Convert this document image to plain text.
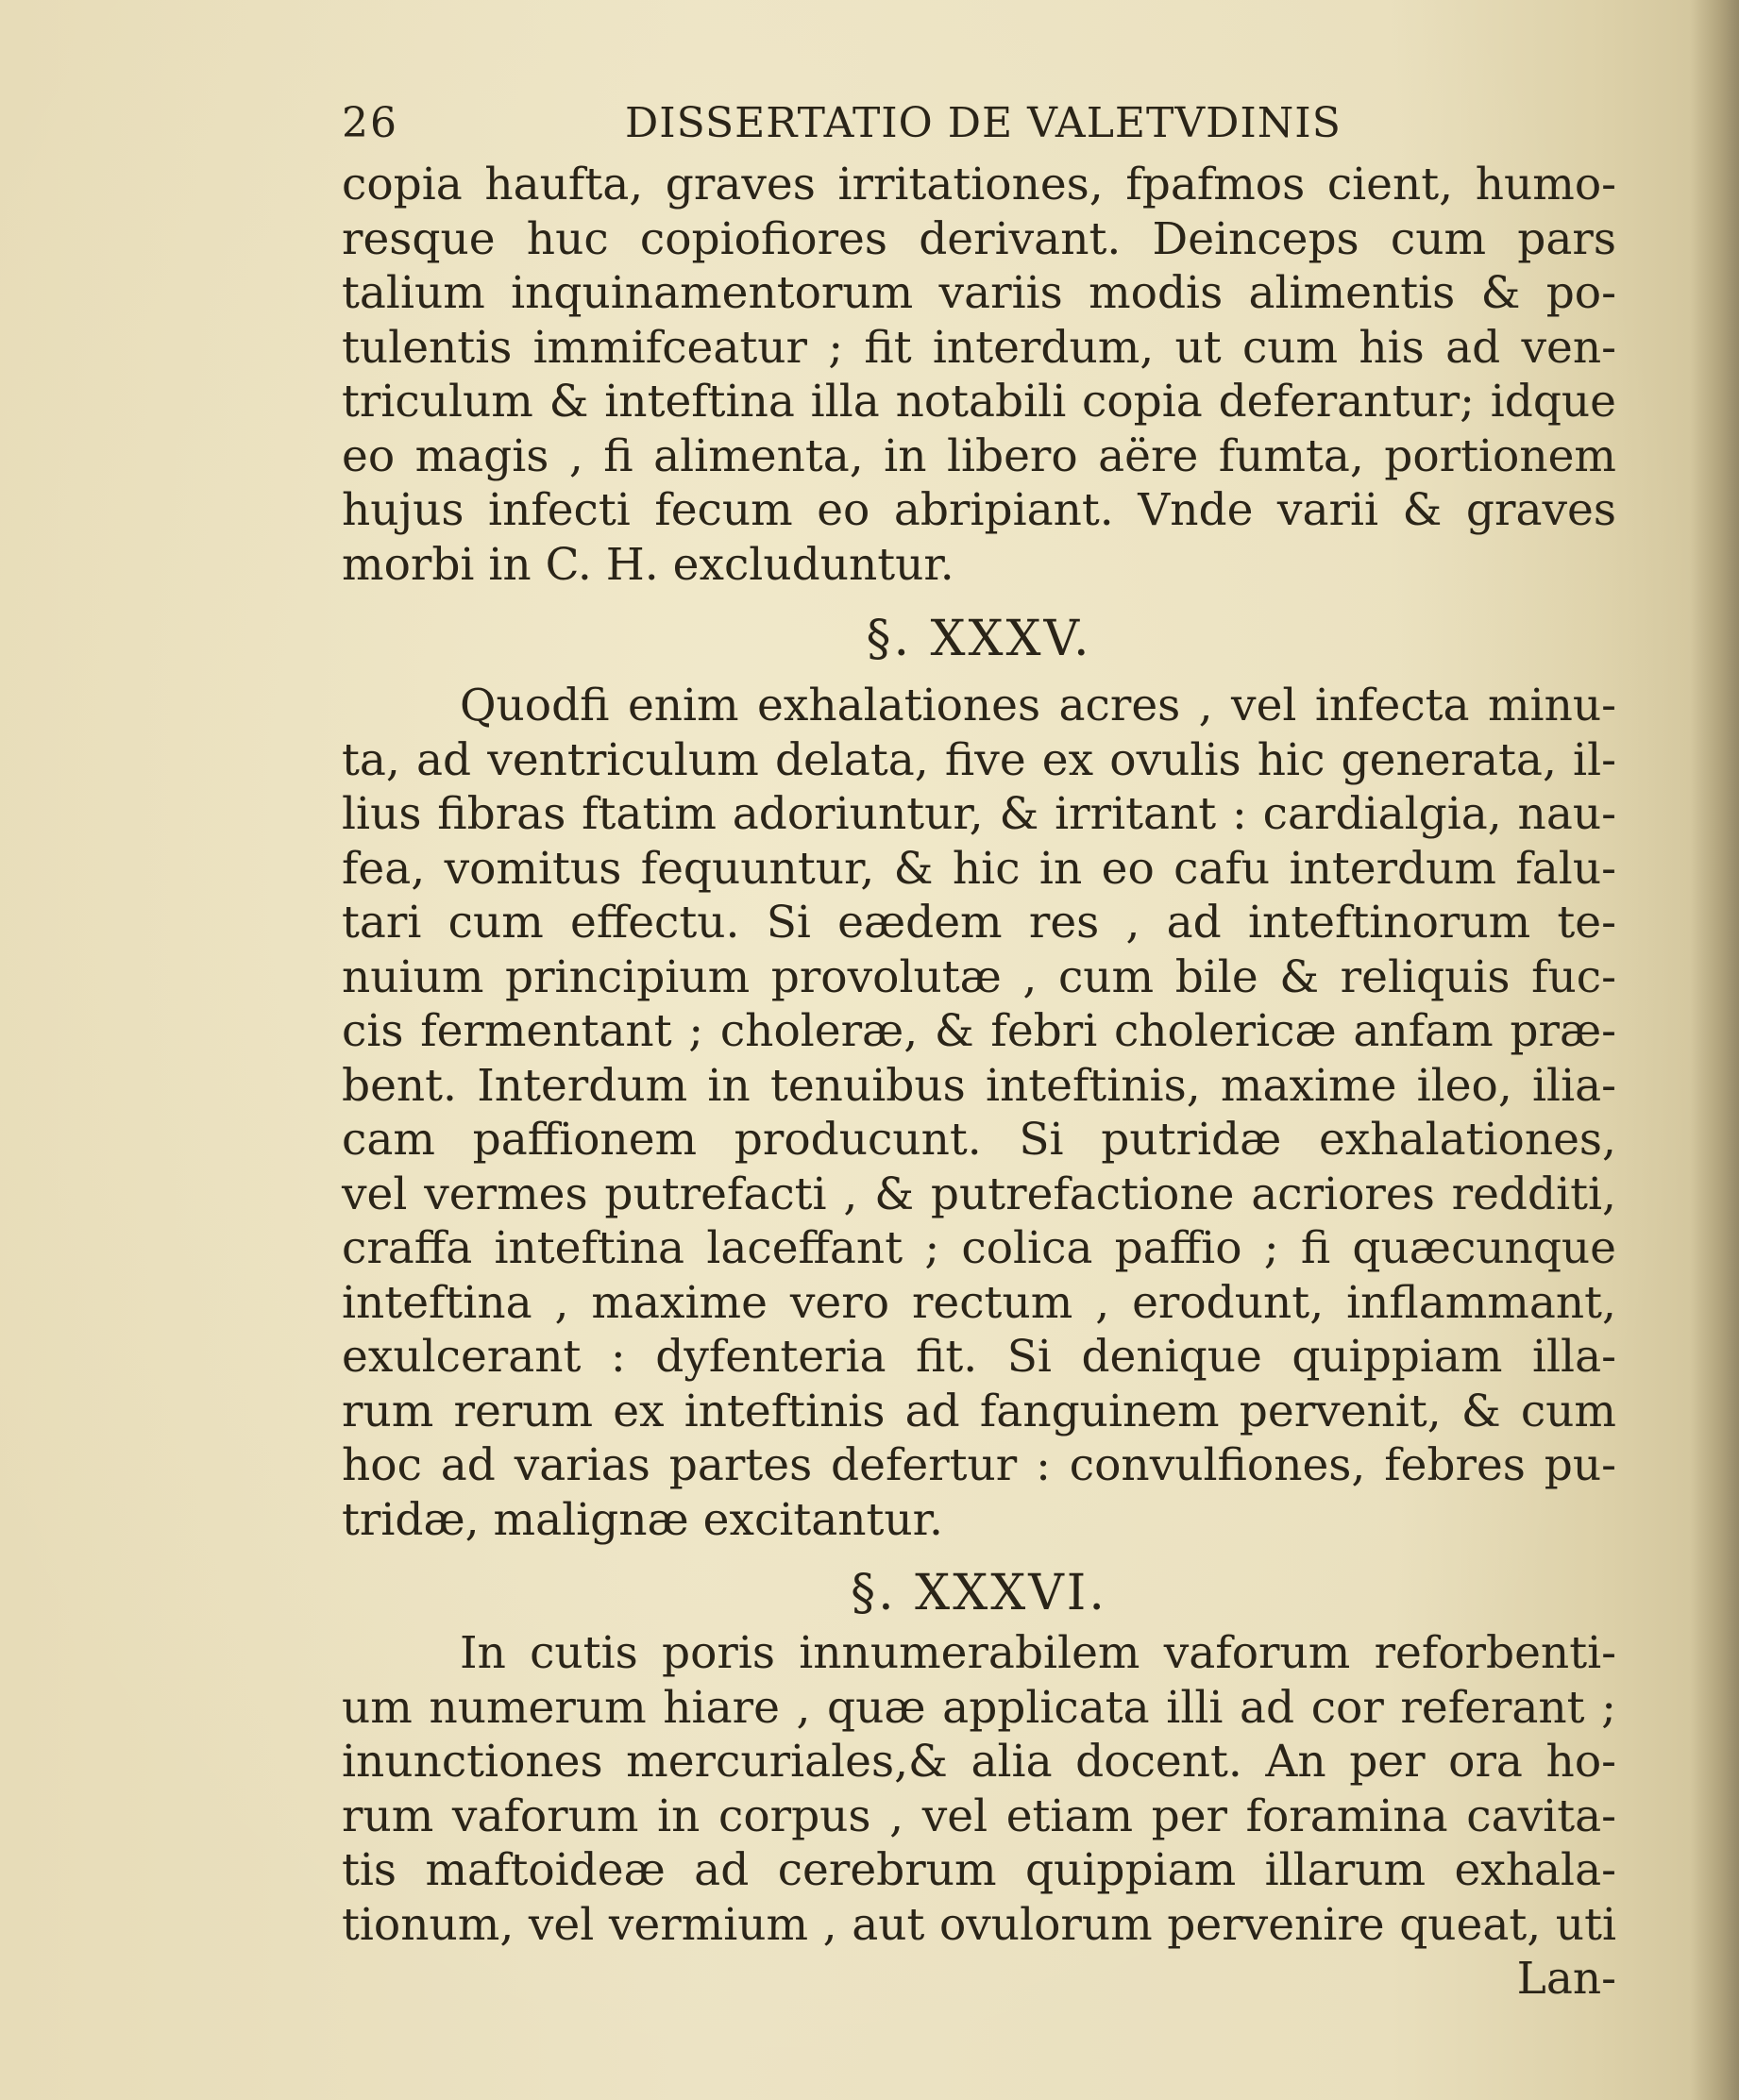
26	DISSERTATIO DE VALETVDINIS
copia haufta, graves irritationes, fpafmos cient, humo-
resque huc copiofiores derivant. Deinceps cum pars
talium inquinamentorum variis modis alimentis & po-
tulentis immifceatur ; fit interdum, ut cum his ad ven-
triculum & inteftina illa notabili copia deferantur; idque
eo magis , fi alimenta, in libero aëre fumta, portionem
hujus infecti fecum eo abripiant. Vnde varii & graves
morbi in C. H. excluduntur.
§. XXXV.
Quodfi enim exhalationes acres , vel infecta minu-
ta, ad ventriculum delata, five ex ovulis hic generata, il-
lius fibras ftatim adoriuntur, & irritant : cardialgia, nau-
fea, vomitus fequuntur, & hic in eo cafu interdum falu-
tari cum effectu. Si eædem res , ad inteftinorum te-
nuium principium provolutæ , cum bile & reliquis fuc-
cis fermentant ; choleræ, & febri cholericæ anfam præ-
bent. Interdum in tenuibus inteftinis, maxime ileo, ilia-
cam paffionem producunt. Si putridæ exhalationes,
vel vermes putrefacti , & putrefactione acriores redditi,
craffa inteftina laceffant ; colica paffio ; fi quæcunque
inteftina , maxime vero rectum , erodunt, inflammant,
exulcerant : dyfenteria fit. Si denique quippiam illa-
rum rerum ex inteftinis ad fanguinem pervenit, & cum
hoc ad varias partes defertur : convulfiones, febres pu-
tridæ, malignæ excitantur.
§. XXXVI.
In cutis poris innumerabilem vaforum reforbenti-
um numerum hiare , quæ applicata illi ad cor referant ;
inunctiones mercuriales,& alia docent. An per ora ho-
rum vaforum in corpus , vel etiam per foramina cavita-
tis maftoideæ ad cerebrum quippiam illarum exhala-
tionum, vel vermium , aut ovulorum pervenire queat, uti
Lan-
